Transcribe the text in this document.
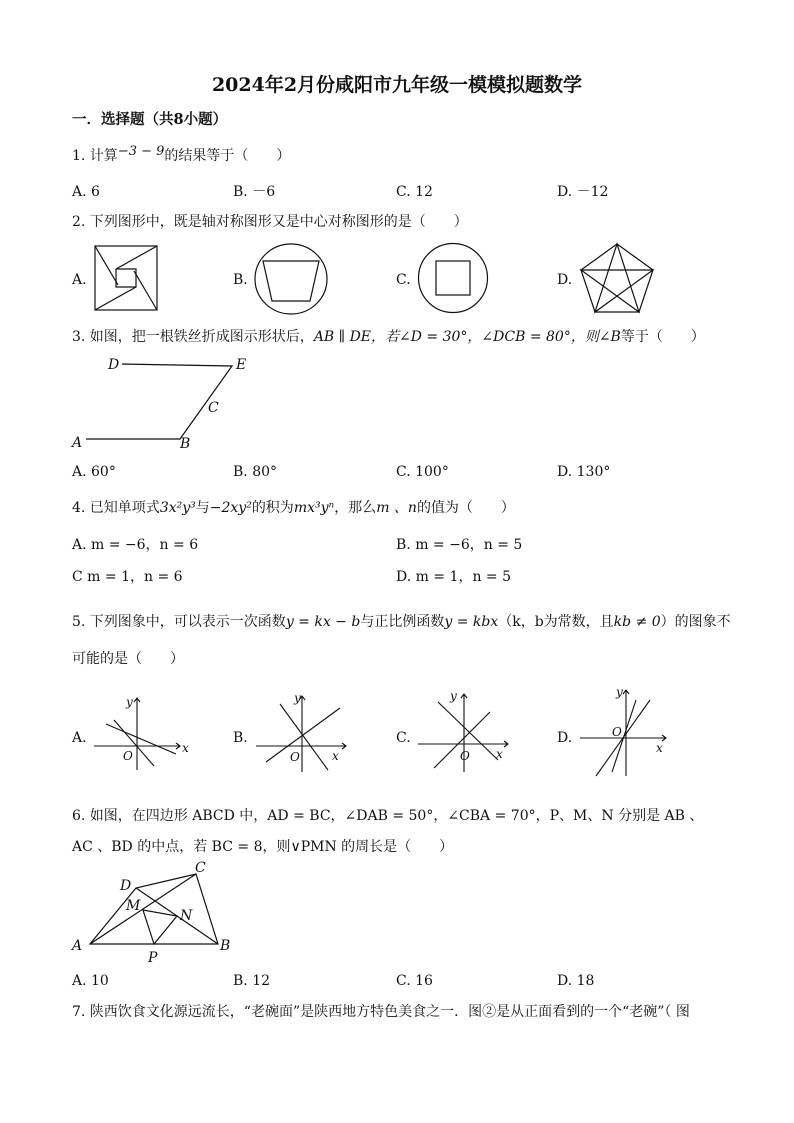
2024年2月份咸阳市九年级一模模拟题数学
一．选择题（共8小题）
1. 计算−3 − 9的结果等于（　　）
A. 6	B. －6	C. 12	D. －12
2. 下列图形中，既是轴对称图形又是中心对称图形的是（　　）
A.	B.	C.	D.
3. 如图，把一根铁丝折成图示形状后，AB ∥ DE，若∠D = 30°，∠DCB = 80°，则∠B等于（　　）
D	E
C
A	B
A. 60°	B. 80°	C. 100°	D. 130°
4. 已知单项式3x²y³与−2xy²的积为mx³yⁿ，那么m 、n的值为（　　）
A. m = −6，n = 6	B. m = −6，n = 5
C m = 1，n = 6	D. m = 1，n = 5
5. 下列图象中，可以表示一次函数y = kx − b与正比例函数y = kbx（k，b为常数，且kb ≠ 0）的图象不
可能的是（　　）
A.	B.	C.	D.
x
y
O	x
y
O	x
y
O
x
y
O
6. 如图，在四边形 ABCD 中，AD = BC，∠DAB = 50°，∠CBA = 70°，P、M、N 分别是 AB 、
AC 、BD 的中点，若 BC = 8，则∨PMN 的周长是（　　）
D
C
M
N
A	B
P
A. 10	B. 12	C. 16	D. 18
7. 陕西饮食文化源远流长，“老碗面”是陕西地方特色美食之一．图②是从正面看到的一个“老碗”（ 图
